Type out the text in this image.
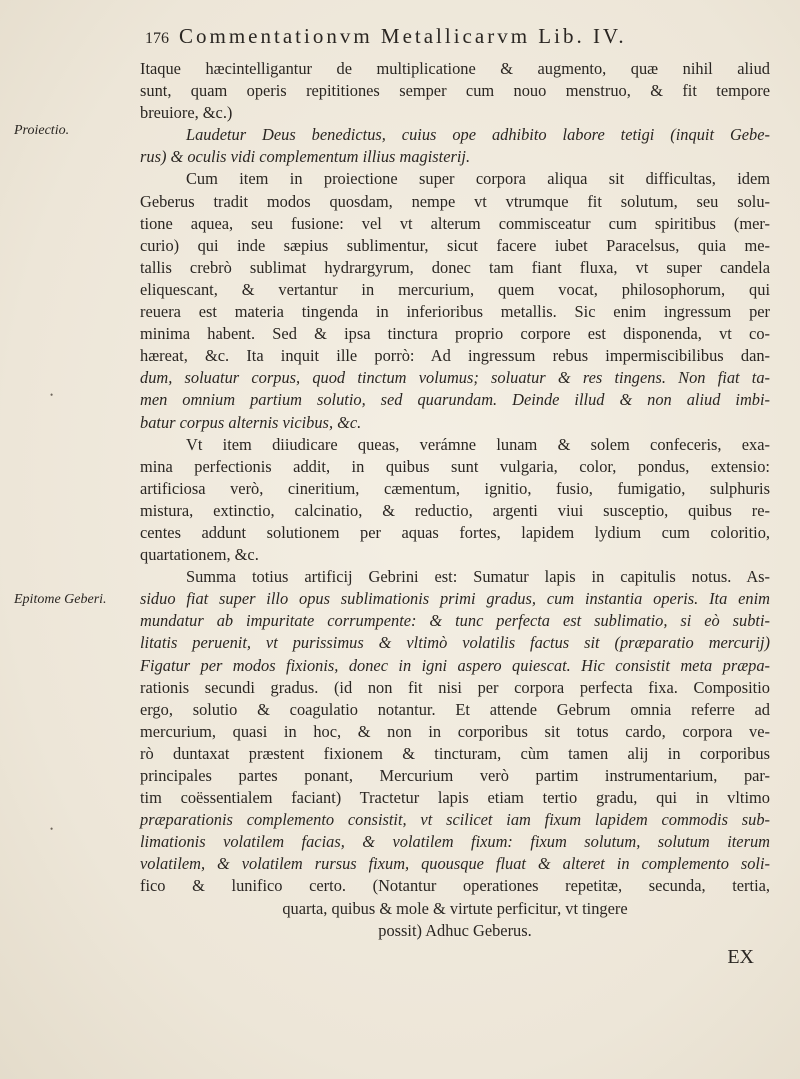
176 Commentationvm Metallicarvm Lib. IV.
Proiectio.
Epitome Geberi.
•
•

Itaque hæcintelligantur de multiplicatione & augmento, quæ nihil aliud

sunt, quam operis repititiones semper cum nouo menstruo, & fit tempore

breuiore, &c.)

Laudetur Deus benedictus, cuius ope adhibito labore tetigi (inquit Gebe-

rus) & oculis vidi complementum illius magisterij.

Cum item in proiectione super corpora aliqua sit difficultas, idem

Geberus tradit modos quosdam, nempe vt vtrumque fit solutum, seu solu-

tione aquea, seu fusione: vel vt alterum commisceatur cum spiritibus (mer-

curio) qui inde sæpius sublimentur, sicut facere iubet Paracelsus, quia me-

tallis crebrò sublimat hydrargyrum, donec tam fiant fluxa, vt super candela

eliquescant, & vertantur in mercurium, quem vocat, philosophorum, qui

reuera est materia tingenda in inferioribus metallis. Sic enim ingressum per

minima habent. Sed & ipsa tinctura proprio corpore est disponenda, vt co-

hæreat, &c. Ita inquit ille porrò: Ad ingressum rebus impermiscibilibus dan-

dum, soluatur corpus, quod tinctum volumus; soluatur & res tingens. Non fiat ta-

men omnium partium solutio, sed quarundam. Deinde illud & non aliud imbi-

batur corpus alternis vicibus, &c.

Vt item diiudicare queas, verámne lunam & solem confeceris, exa-

mina perfectionis addit, in quibus sunt vulgaria, color, pondus, extensio:

artificiosa verò, cineritium, cæmentum, ignitio, fusio, fumigatio, sulphuris

mistura, extinctio, calcinatio, & reductio, argenti viui susceptio, quibus re-

centes addunt solutionem per aquas fortes, lapidem lydium cum coloritio,

quartationem, &c.

Summa totius artificij Gebrini est: Sumatur lapis in capitulis notus. As-

siduo fiat super illo opus sublimationis primi gradus, cum instantia operis. Ita enim

mundatur ab impuritate corrumpente: & tunc perfecta est sublimatio, si eò subti-

litatis peruenit, vt purissimus & vltimò volatilis factus sit (præparatio mercurij)

Figatur per modos fixionis, donec in igni aspero quiescat. Hic consistit meta præpa-

rationis secundi gradus. (id non fit nisi per corpora perfecta fixa. Compositio

ergo, solutio & coagulatio notantur. Et attende Gebrum omnia referre ad

mercurium, quasi in hoc, & non in corporibus sit totus cardo, corpora ve-

rò duntaxat præstent fixionem & tincturam, cùm tamen alij in corporibus

principales partes ponant, Mercurium verò partim instrumentarium, par-

tim coëssentialem faciant) Tractetur lapis etiam tertio gradu, qui in vltimo

præparationis complemento consistit, vt scilicet iam fixum lapidem commodis sub-

limationis volatilem facias, & volatilem fixum: fixum solutum, solutum iterum

volatilem, & volatilem rursus fixum, quousque fluat & alteret in complemento soli-

fico & lunifico certo. (Notantur operationes repetitæ, secunda, tertia,

quarta, quibus & mole & virtute perficitur, vt tingere

possit) Adhuc Geberus.

EX
